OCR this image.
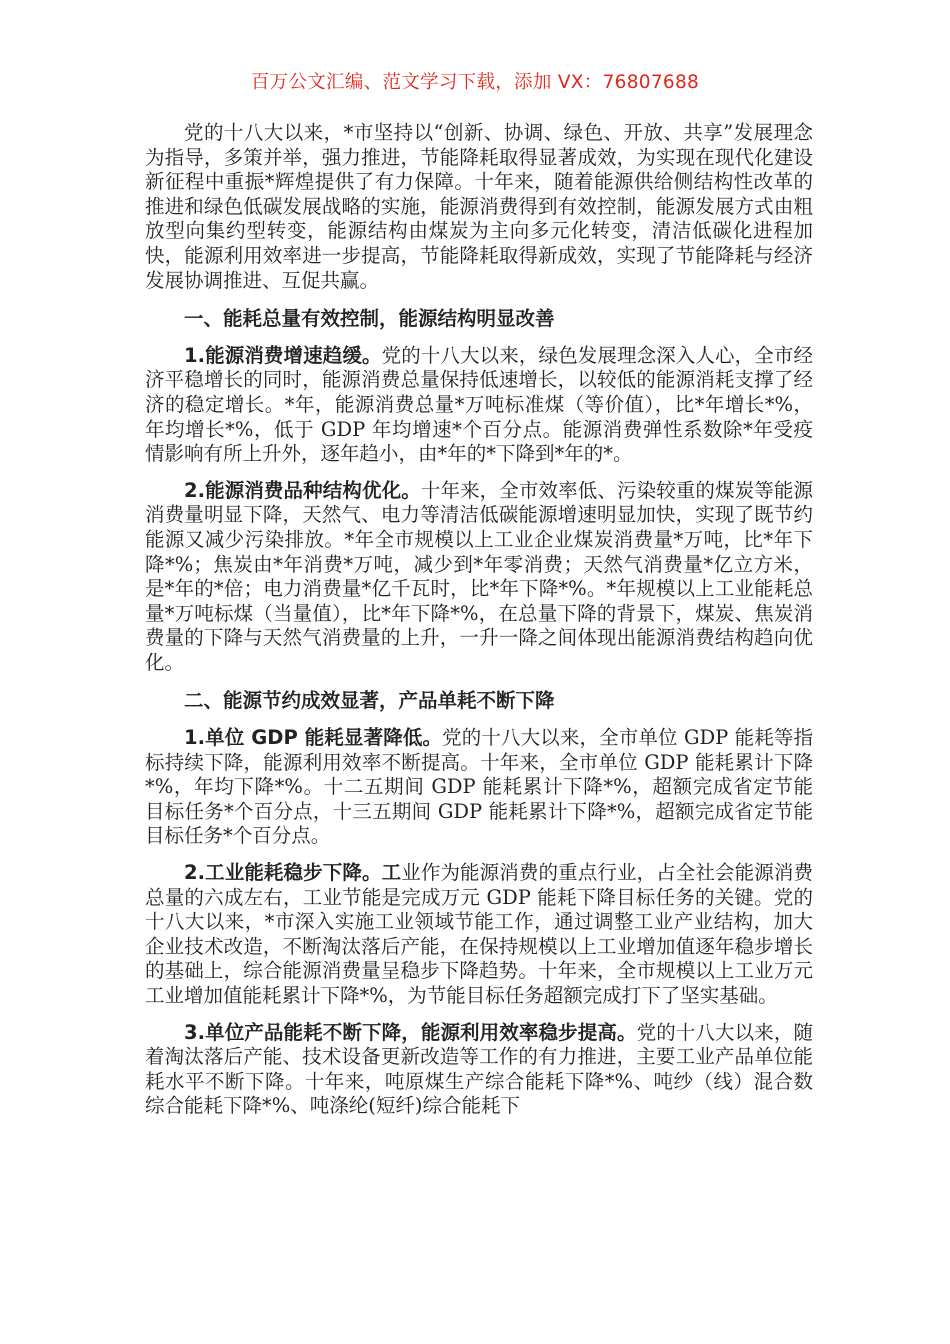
百万公文汇编、范文学习下载，添加 VX：76807688

党的十八大以来，*市坚持以“创新、协调、绿色、开放、共享”发展理念为指导，多策并举，强力推进，节能降耗取得显著成效，为实现在现代化建设新征程中重振*辉煌提供了有力保障。十年来，随着能源供给侧结构性改革的推进和绿色低碳发展战略的实施，能源消费得到有效控制，能源发展方式由粗放型向集约型转变，能源结构由煤炭为主向多元化转变，清洁低碳化进程加快，能源利用效率进一步提高，节能降耗取得新成效，实现了节能降耗与经济发展协调推进、互促共赢。

一、能耗总量有效控制，能源结构明显改善

1.能源消费增速趋缓。党的十八大以来，绿色发展理念深入人心，全市经济平稳增长的同时，能源消费总量保持低速增长，以较低的能源消耗支撑了经济的稳定增长。*年，能源消费总量*万吨标准煤（等价值），比*年增长*%，年均增长*%，低于 GDP 年均增速*个百分点。能源消费弹性系数除*年受疫情影响有所上升外，逐年趋小，由*年的*下降到*年的*。

2.能源消费品种结构优化。十年来，全市效率低、污染较重的煤炭等能源消费量明显下降，天然气、电力等清洁低碳能源增速明显加快，实现了既节约能源又减少污染排放。*年全市规模以上工业企业煤炭消费量*万吨，比*年下降*%；焦炭由*年消费*万吨，减少到*年零消费；天然气消费量*亿立方米，是*年的*倍；电力消费量*亿千瓦时，比*年下降*%。*年规模以上工业能耗总量*万吨标煤（当量值），比*年下降*%，在总量下降的背景下，煤炭、焦炭消费量的下降与天然气消费量的上升，一升一降之间体现出能源消费结构趋向优化。

二、能源节约成效显著，产品单耗不断下降

1.单位 GDP 能耗显著降低。党的十八大以来，全市单位 GDP 能耗等指标持续下降，能源利用效率不断提高。十年来，全市单位 GDP 能耗累计下降*%，年均下降*%。十二五期间 GDP 能耗累计下降*%，超额完成省定节能目标任务*个百分点，十三五期间 GDP 能耗累计下降*%，超额完成省定节能目标任务*个百分点。

2.工业能耗稳步下降。工业作为能源消费的重点行业，占全社会能源消费总量的六成左右，工业节能是完成万元 GDP 能耗下降目标任务的关键。党的十八大以来，*市深入实施工业领域节能工作，通过调整工业产业结构，加大企业技术改造，不断淘汰落后产能，在保持规模以上工业增加值逐年稳步增长的基础上，综合能源消费量呈稳步下降趋势。十年来，全市规模以上工业万元工业增加值能耗累计下降*%，为节能目标任务超额完成打下了坚实基础。

3.单位产品能耗不断下降，能源利用效率稳步提高。党的十八大以来，随着淘汰落后产能、技术设备更新改造等工作的有力推进，主要工业产品单位能耗水平不断下降。十年来，吨原煤生产综合能耗下降*%、吨纱（线）混合数综合能耗下降*%、吨涤纶(短纤)综合能耗下
